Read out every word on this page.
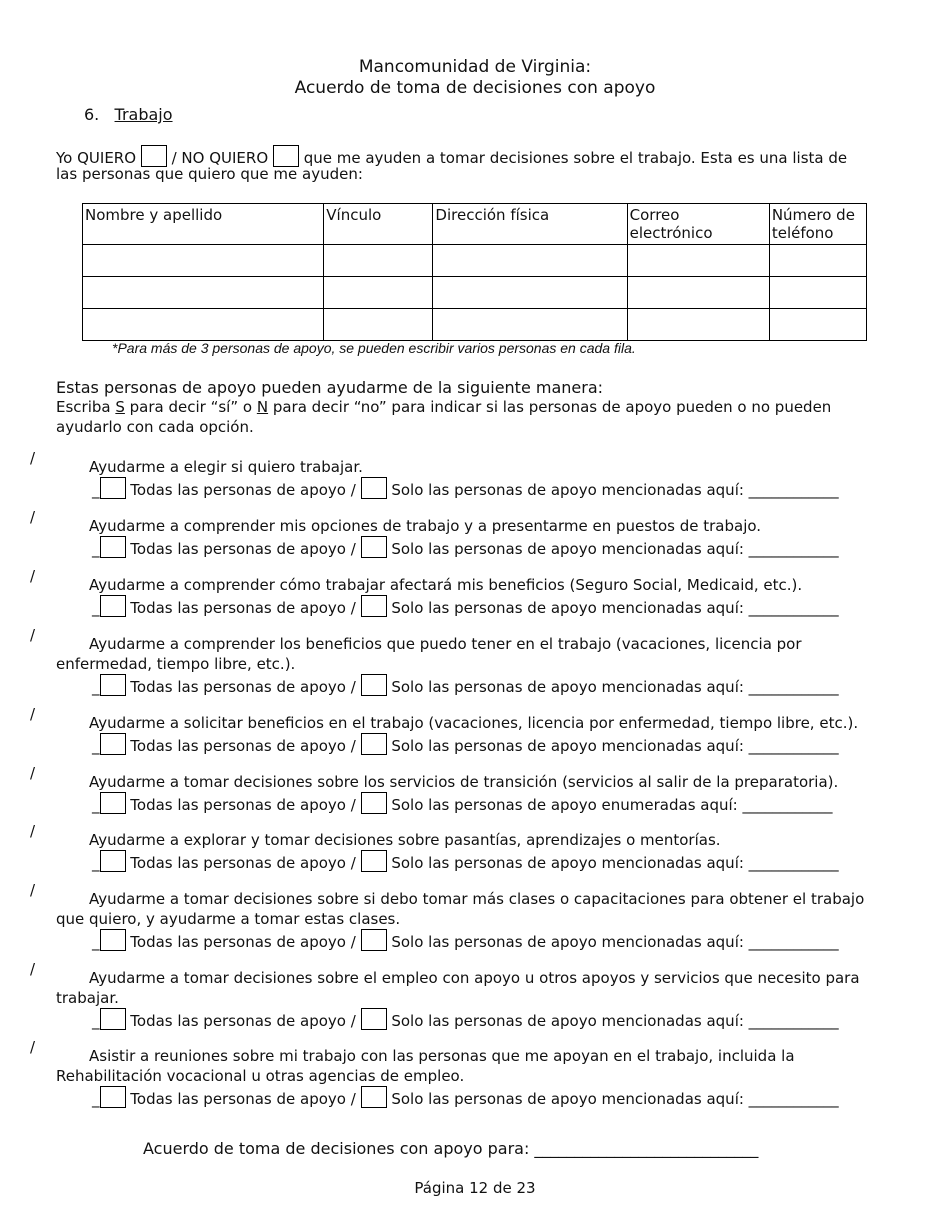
Mancomunidad de Virginia:
Acuerdo de toma de decisiones con apoyo
6. Trabajo
Yo QUIERO / NO QUIERO que me ayuden a tomar decisiones sobre el trabajo. Esta es una lista de
las personas que quiero que me ayuden:
Nombre y apellido	Vínculo	Dirección física	Correo electrónico	Número de teléfono

*Para más de 3 personas de apoyo, se pueden escribir varios personas en cada fila.
Estas personas de apoyo pueden ayudarme de la siguiente manera:
Escriba S para decir “sí” o N para decir “no” para indicar si las personas de apoyo pueden o no pueden
ayudarlo con cada opción.
/	Ayudarme a elegir si quiero trabajar.
_ Todas las personas de apoyo / Solo las personas de apoyo mencionadas aquí: ____________
/	Ayudarme a comprender mis opciones de trabajo y a presentarme en puestos de trabajo.
_ Todas las personas de apoyo / Solo las personas de apoyo mencionadas aquí: ____________
/	Ayudarme a comprender cómo trabajar afectará mis beneficios (Seguro Social, Medicaid, etc.).
_ Todas las personas de apoyo / Solo las personas de apoyo mencionadas aquí: ____________
/	Ayudarme a comprender los beneficios que puedo tener en el trabajo (vacaciones, licencia por enfermedad, tiempo libre, etc.).
_ Todas las personas de apoyo / Solo las personas de apoyo mencionadas aquí: ____________
/	Ayudarme a solicitar beneficios en el trabajo (vacaciones, licencia por enfermedad, tiempo libre, etc.).
_ Todas las personas de apoyo / Solo las personas de apoyo mencionadas aquí: ____________
/	Ayudarme a tomar decisiones sobre los servicios de transición (servicios al salir de la preparatoria).
_ Todas las personas de apoyo / Solo las personas de apoyo enumeradas aquí: ____________
/	Ayudarme a explorar y tomar decisiones sobre pasantías, aprendizajes o mentorías.
_ Todas las personas de apoyo / Solo las personas de apoyo mencionadas aquí: ____________
/	Ayudarme a tomar decisiones sobre si debo tomar más clases o capacitaciones para obtener el trabajo que quiero, y ayudarme a tomar estas clases.
_ Todas las personas de apoyo / Solo las personas de apoyo mencionadas aquí: ____________
/	Ayudarme a tomar decisiones sobre el empleo con apoyo u otros apoyos y servicios que necesito para trabajar.
_ Todas las personas de apoyo / Solo las personas de apoyo mencionadas aquí: ____________
/	Asistir a reuniones sobre mi trabajo con las personas que me apoyan en el trabajo, incluida la Rehabilitación vocacional u otras agencias de empleo.
_ Todas las personas de apoyo / Solo las personas de apoyo mencionadas aquí: ____________
Acuerdo de toma de decisiones con apoyo para: ____________________________
Página 12 de 23
